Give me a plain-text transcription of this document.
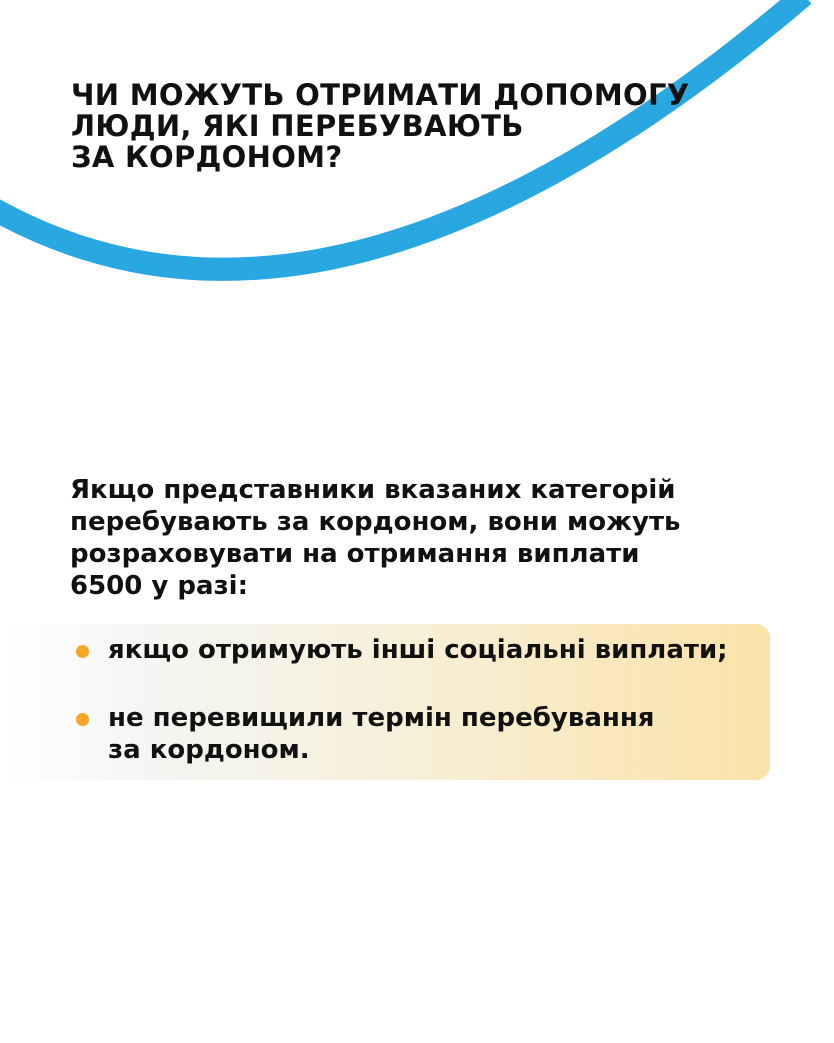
ЧИ МОЖУТЬ ОТРИМАТИ ДОПОМОГУ
ЛЮДИ, ЯКІ ПЕРЕБУВАЮТЬ
ЗА КОРДОНОМ?

Якщо представники вказаних категорій
перебувають за кордоном, вони можуть
розраховувати на отримання виплати
6500 у разі:

якщо отримують інші соціальні виплати;
не перевищили термін перебування
за кордоном.
